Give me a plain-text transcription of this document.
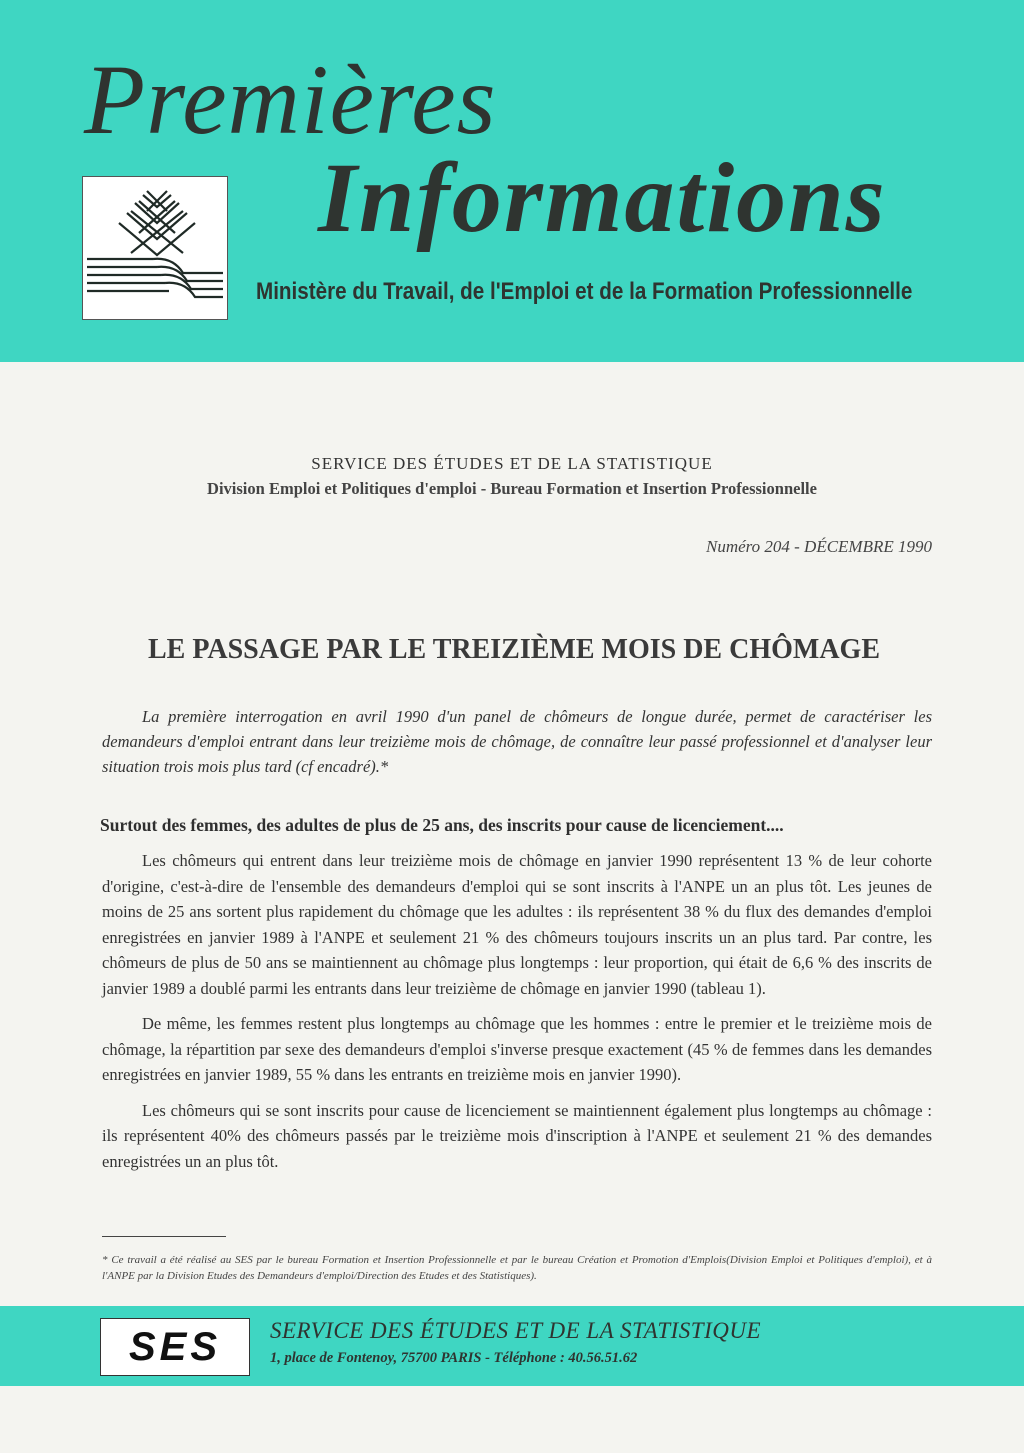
Premières
Informations
Ministère du Travail, de l'Emploi et de la Formation Professionnelle
SERVICE DES ÉTUDES ET DE LA STATISTIQUE
Division Emploi et Politiques d'emploi - Bureau Formation et Insertion Professionnelle
Numéro 204 - DÉCEMBRE 1990
LE PASSAGE PAR LE TREIZIÈME MOIS DE CHÔMAGE
La première interrogation en avril 1990 d'un panel de chômeurs de longue durée, permet de caractériser les demandeurs d'emploi entrant dans leur treizième mois de chômage, de connaître leur passé professionnel et d'analyser leur situation trois mois plus tard (cf encadré).*
Surtout des femmes, des adultes de plus de 25 ans, des inscrits pour cause de licenciement....

Les chômeurs qui entrent dans leur treizième mois de chômage en janvier 1990 représentent 13 % de leur cohorte d'origine, c'est-à-dire de l'ensemble des demandeurs d'emploi qui se sont inscrits à l'ANPE un an plus tôt. Les jeunes de moins de 25 ans sortent plus rapidement du chômage que les adultes : ils représentent 38 % du flux des demandes d'emploi enregistrées en janvier 1989 à l'ANPE et seulement 21 % des chômeurs toujours inscrits un an plus tard. Par contre, les chômeurs de plus de 50 ans se maintiennent au chômage plus longtemps : leur proportion, qui était de 6,6 % des inscrits de janvier 1989 a doublé parmi les entrants dans leur treizième de chômage en janvier 1990 (tableau 1).

De même, les femmes restent plus longtemps au chômage que les hommes : entre le premier et le treizième mois de chômage, la répartition par sexe des demandeurs d'emploi s'inverse presque exactement (45 % de femmes dans les demandes enregistrées en janvier 1989, 55 % dans les entrants en treizième mois en janvier 1990).

Les chômeurs qui se sont inscrits pour cause de licenciement se maintiennent également plus longtemps au chômage : ils représentent 40% des chômeurs passés par le treizième mois d'inscription à l'ANPE et seulement 21 % des demandes enregistrées un an plus tôt.

* Ce travail a été réalisé au SES par le bureau Formation et Insertion Professionnelle et par le bureau Création et Promotion d'Emplois(Division Emploi et Politiques d'emploi), et à l'ANPE par la Division Etudes des Demandeurs d'emploi/Direction des Etudes et des Statistiques).
SES	SERVICE DES ÉTUDES ET DE LA STATISTIQUE
1, place de Fontenoy, 75700 PARIS - Téléphone : 40.56.51.62
